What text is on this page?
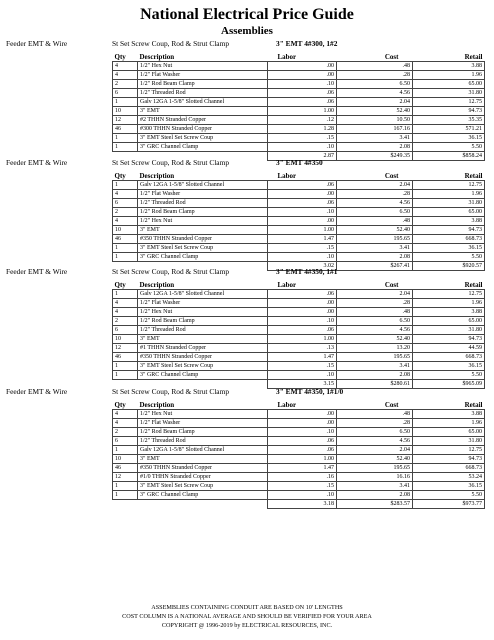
National Electrical Price Guide
Assemblies
Feeder EMT & Wire	St Set Screw Coup, Rod & Strut Clamp	3" EMT 4#300, 1#2
Qty	Description	Labor	Cost	Retail
4	1/2" Hex Nut	.00	.48	3.88
4	1/2" Flat Washer	.00	.28	1.96
2	1/2" Rod Beam Clamp	.10	6.50	65.00
6	1/2" Threaded Rod	.06	4.56	31.80
1	Galv 12GA 1-5/8" Slotted Channel	.06	2.04	12.75
10	3" EMT	1.00	52.40	94.73
12	#2 THHN Stranded Copper	.12	10.50	35.35
46	#300 THHN Stranded Copper	1.28	167.16	571.21
1	3" EMT Steel Set Screw Coup	.15	3.41	36.15
1	3" GRC Channel Clamp	.10	2.08	5.50
		2.87	$249.35	$858.24
Feeder EMT & Wire	St Set Screw Coup, Rod & Strut Clamp	3" EMT 4#350
Qty	Description	Labor	Cost	Retail
1	Galv 12GA 1-5/8" Slotted Channel	.06	2.04	12.75
4	1/2" Flat Washer	.00	.28	1.96
6	1/2" Threaded Rod	.06	4.56	31.80
2	1/2" Rod Beam Clamp	.10	6.50	65.00
4	1/2" Hex Nut	.00	.48	3.88
10	3" EMT	1.00	52.40	94.73
46	#350 THHN Stranded Copper	1.47	195.65	668.73
1	3" EMT Steel Set Screw Coup	.15	3.41	36.15
1	3" GRC Channel Clamp	.10	2.08	5.50
		3.02	$267.41	$920.57
Feeder EMT & Wire	St Set Screw Coup, Rod & Strut Clamp	3" EMT 4#350, 1#1
Qty	Description	Labor	Cost	Retail
1	Galv 12GA 1-5/8" Slotted Channel	.06	2.04	12.75
4	1/2" Flat Washer	.00	.28	1.96
4	1/2" Hex Nut	.00	.48	3.88
2	1/2" Rod Beam Clamp	.10	6.50	65.00
6	1/2" Threaded Rod	.06	4.56	31.80
10	3" EMT	1.00	52.40	94.73
12	#1 THHN Stranded Copper	.13	13.20	44.59
46	#350 THHN Stranded Copper	1.47	195.65	668.73
1	3" EMT Steel Set Screw Coup	.15	3.41	36.15
1	3" GRC Channel Clamp	.10	2.08	5.50
		3.15	$280.61	$965.09
Feeder EMT & Wire	St Set Screw Coup, Rod & Strut Clamp	3" EMT 4#350, 1#1/0
Qty	Description	Labor	Cost	Retail
4	1/2" Hex Nut	.00	.48	3.88
4	1/2" Flat Washer	.00	.28	1.96
2	1/2" Rod Beam Clamp	.10	6.50	65.00
6	1/2" Threaded Rod	.06	4.56	31.80
1	Galv 12GA 1-5/8" Slotted Channel	.06	2.04	12.75
10	3" EMT	1.00	52.40	94.73
46	#350 THHN Stranded Copper	1.47	195.65	668.73
12	#1/0 THHN Stranded Copper	.16	16.16	53.24
1	3" EMT Steel Set Screw Coup	.15	3.41	36.15
1	3" GRC Channel Clamp	.10	2.08	5.50
		3.18	$283.57	$973.77
ASSEMBLIES CONTAINING CONDUIT ARE BASED ON 10' LENGTHS
COST COLUMN IS A NATIONAL AVERAGE AND SHOULD BE VERIFIED FOR YOUR AREA
COPYRIGHT @ 1996-2019 by ELECTRICAL RESOURCES, INC.
